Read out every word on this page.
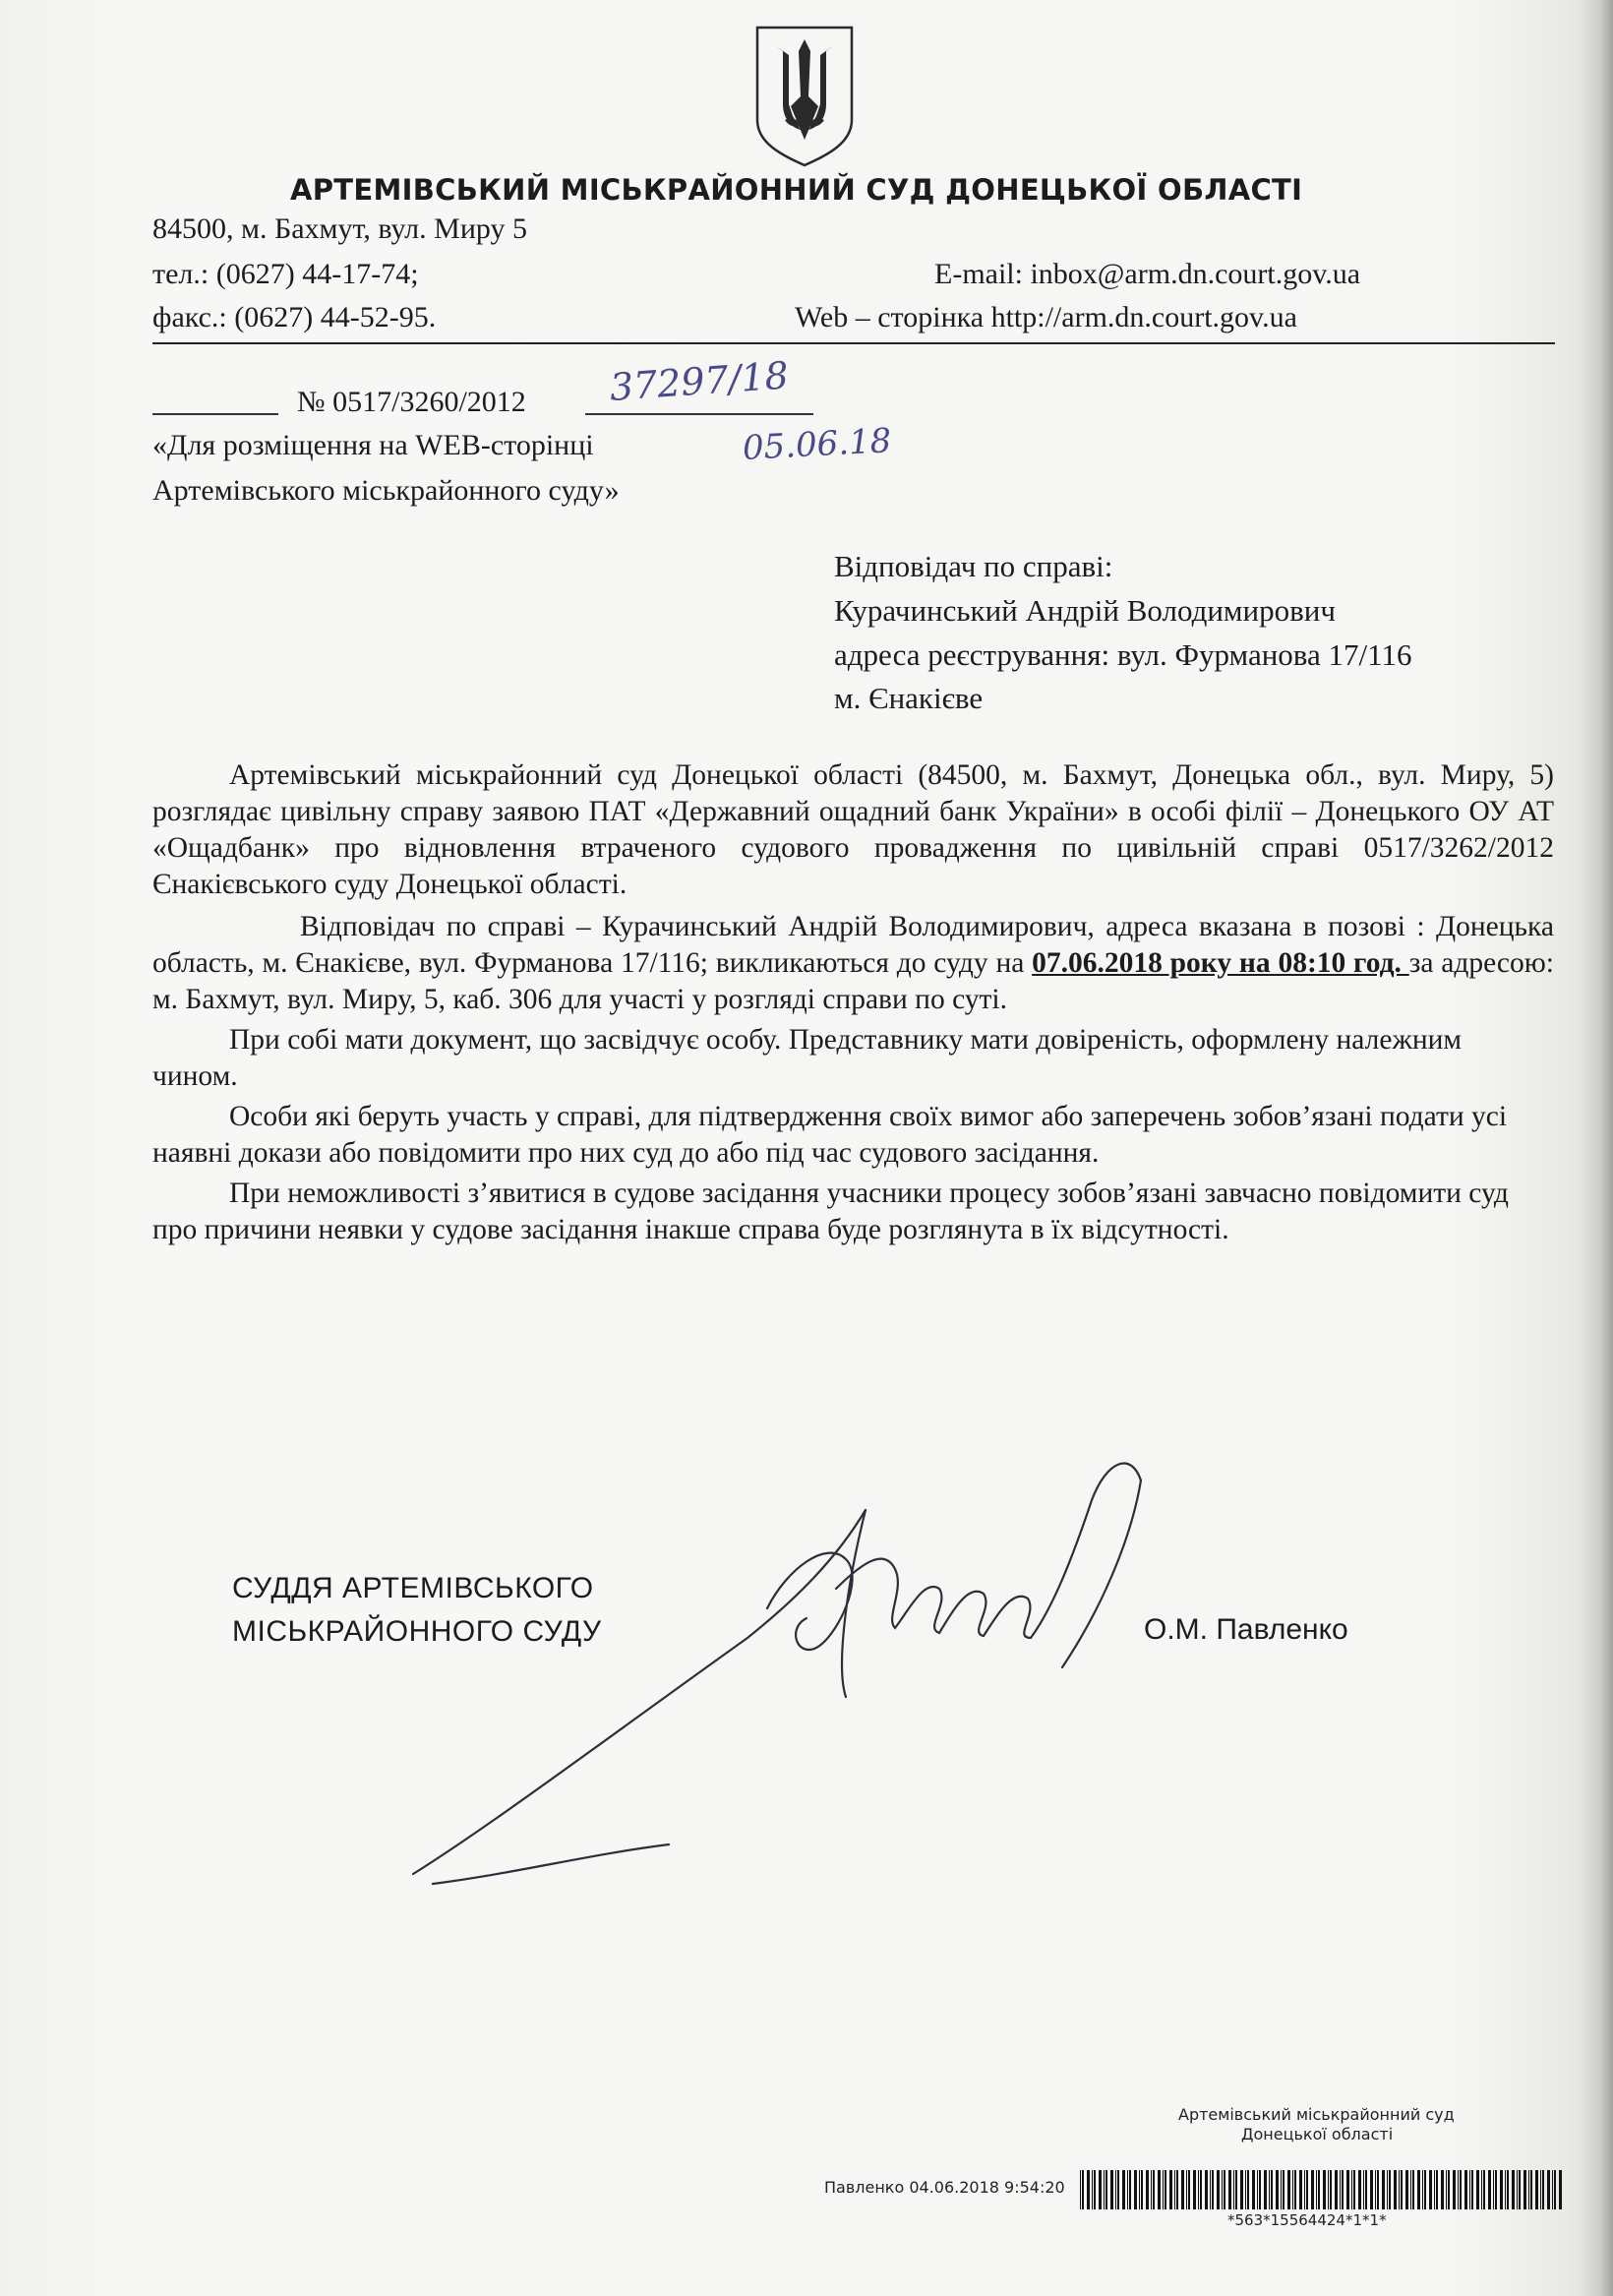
АРТЕМІВСЬКИЙ МІСЬКРАЙОННИЙ СУД ДОНЕЦЬКОЇ ОБЛАСТІ
84500, м. Бахмут, вул. Миру 5
тел.: (0627) 44-17-74;
факс.: (0627) 44-52-95.
E-mail: inbox@arm.dn.court.gov.ua
Web – сторінка http://arm.dn.court.gov.ua
№ 0517/3260/2012 37297/18
«Для розміщення на WEB-сторінці	05.06.18
Артемівського міськрайонного суду»
Відповідач по справі:
Курачинський Андрій Володимирович
адреса реєстрування: вул. Фурманова 17/116
м. Єнакієве

Артемівський міськрайонний суд Донецької області (84500, м. Бахмут, Донецька обл., вул. Миру, 5) розглядає цивільну справу заявою ПАТ «Державний ощадний банк України» в особі філії – Донецького ОУ АТ «Ощадбанк» про відновлення втраченого судового провадження по цивільній справі 0517/3262/2012 Єнакієвського суду Донецької області.

Відповідач по справі – Курачинський Андрій Володимирович, адреса вказана в позові : Донецька область, м. Єнакієве, вул. Фурманова 17/116; викликаються до суду на 07.06.2018 року на 08:10 год. за адресою: м. Бахмут, вул. Миру, 5, каб. 306 для участі у розгляді справи по суті.

При собі мати документ, що засвідчує особу. Представнику мати довіреність, оформлену належним чином.

Особи які беруть участь у справі, для підтвердження своїх вимог або заперечень зобов’язані подати усі наявні докази або повідомити про них суд до або під час судового засідання.

При неможливості з’явитися в судове засідання учасники процесу зобов’язані завчасно повідомити суд про причини неявки у судове засідання інакше справа буде розглянута в їх відсутності.

СУДДЯ АРТЕМІВСЬКОГО
МІСЬКРАЙОННОГО СУДУ	О.М. Павленко
Артемівський міськрайонний суд
Донецької області
Павленко 04.06.2018 9:54:20
*563*15564424*1*1*
